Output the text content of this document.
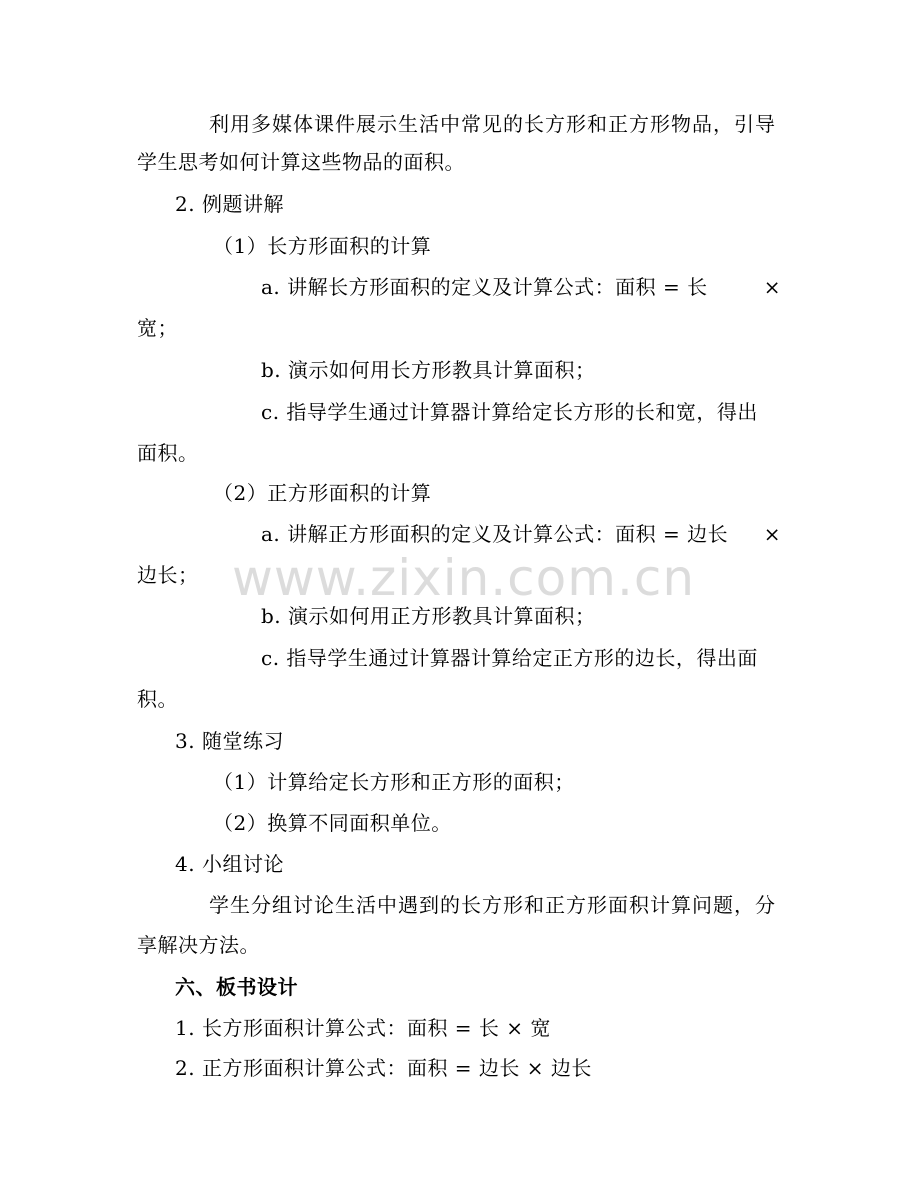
www.zixin.com.cn
利用多媒体课件展示生活中常见的长方形和正方形物品，引导
学生思考如何计算这些物品的面积。
2. 例题讲解
（1）长方形面积的计算
a. 讲解长方形面积的定义及计算公式：面积 = 长	×
宽；
b. 演示如何用长方形教具计算面积；
c. 指导学生通过计算器计算给定长方形的长和宽，得出
面积。
（2）正方形面积的计算
a. 讲解正方形面积的定义及计算公式：面积 = 边长 ×
边长；
b. 演示如何用正方形教具计算面积；
c. 指导学生通过计算器计算给定正方形的边长，得出面
积。
3. 随堂练习
（1）计算给定长方形和正方形的面积；
（2）换算不同面积单位。
4. 小组讨论
学生分组讨论生活中遇到的长方形和正方形面积计算问题，分
享解决方法。
六、板书设计
1. 长方形面积计算公式：面积 = 长 × 宽
2. 正方形面积计算公式：面积 = 边长 × 边长
